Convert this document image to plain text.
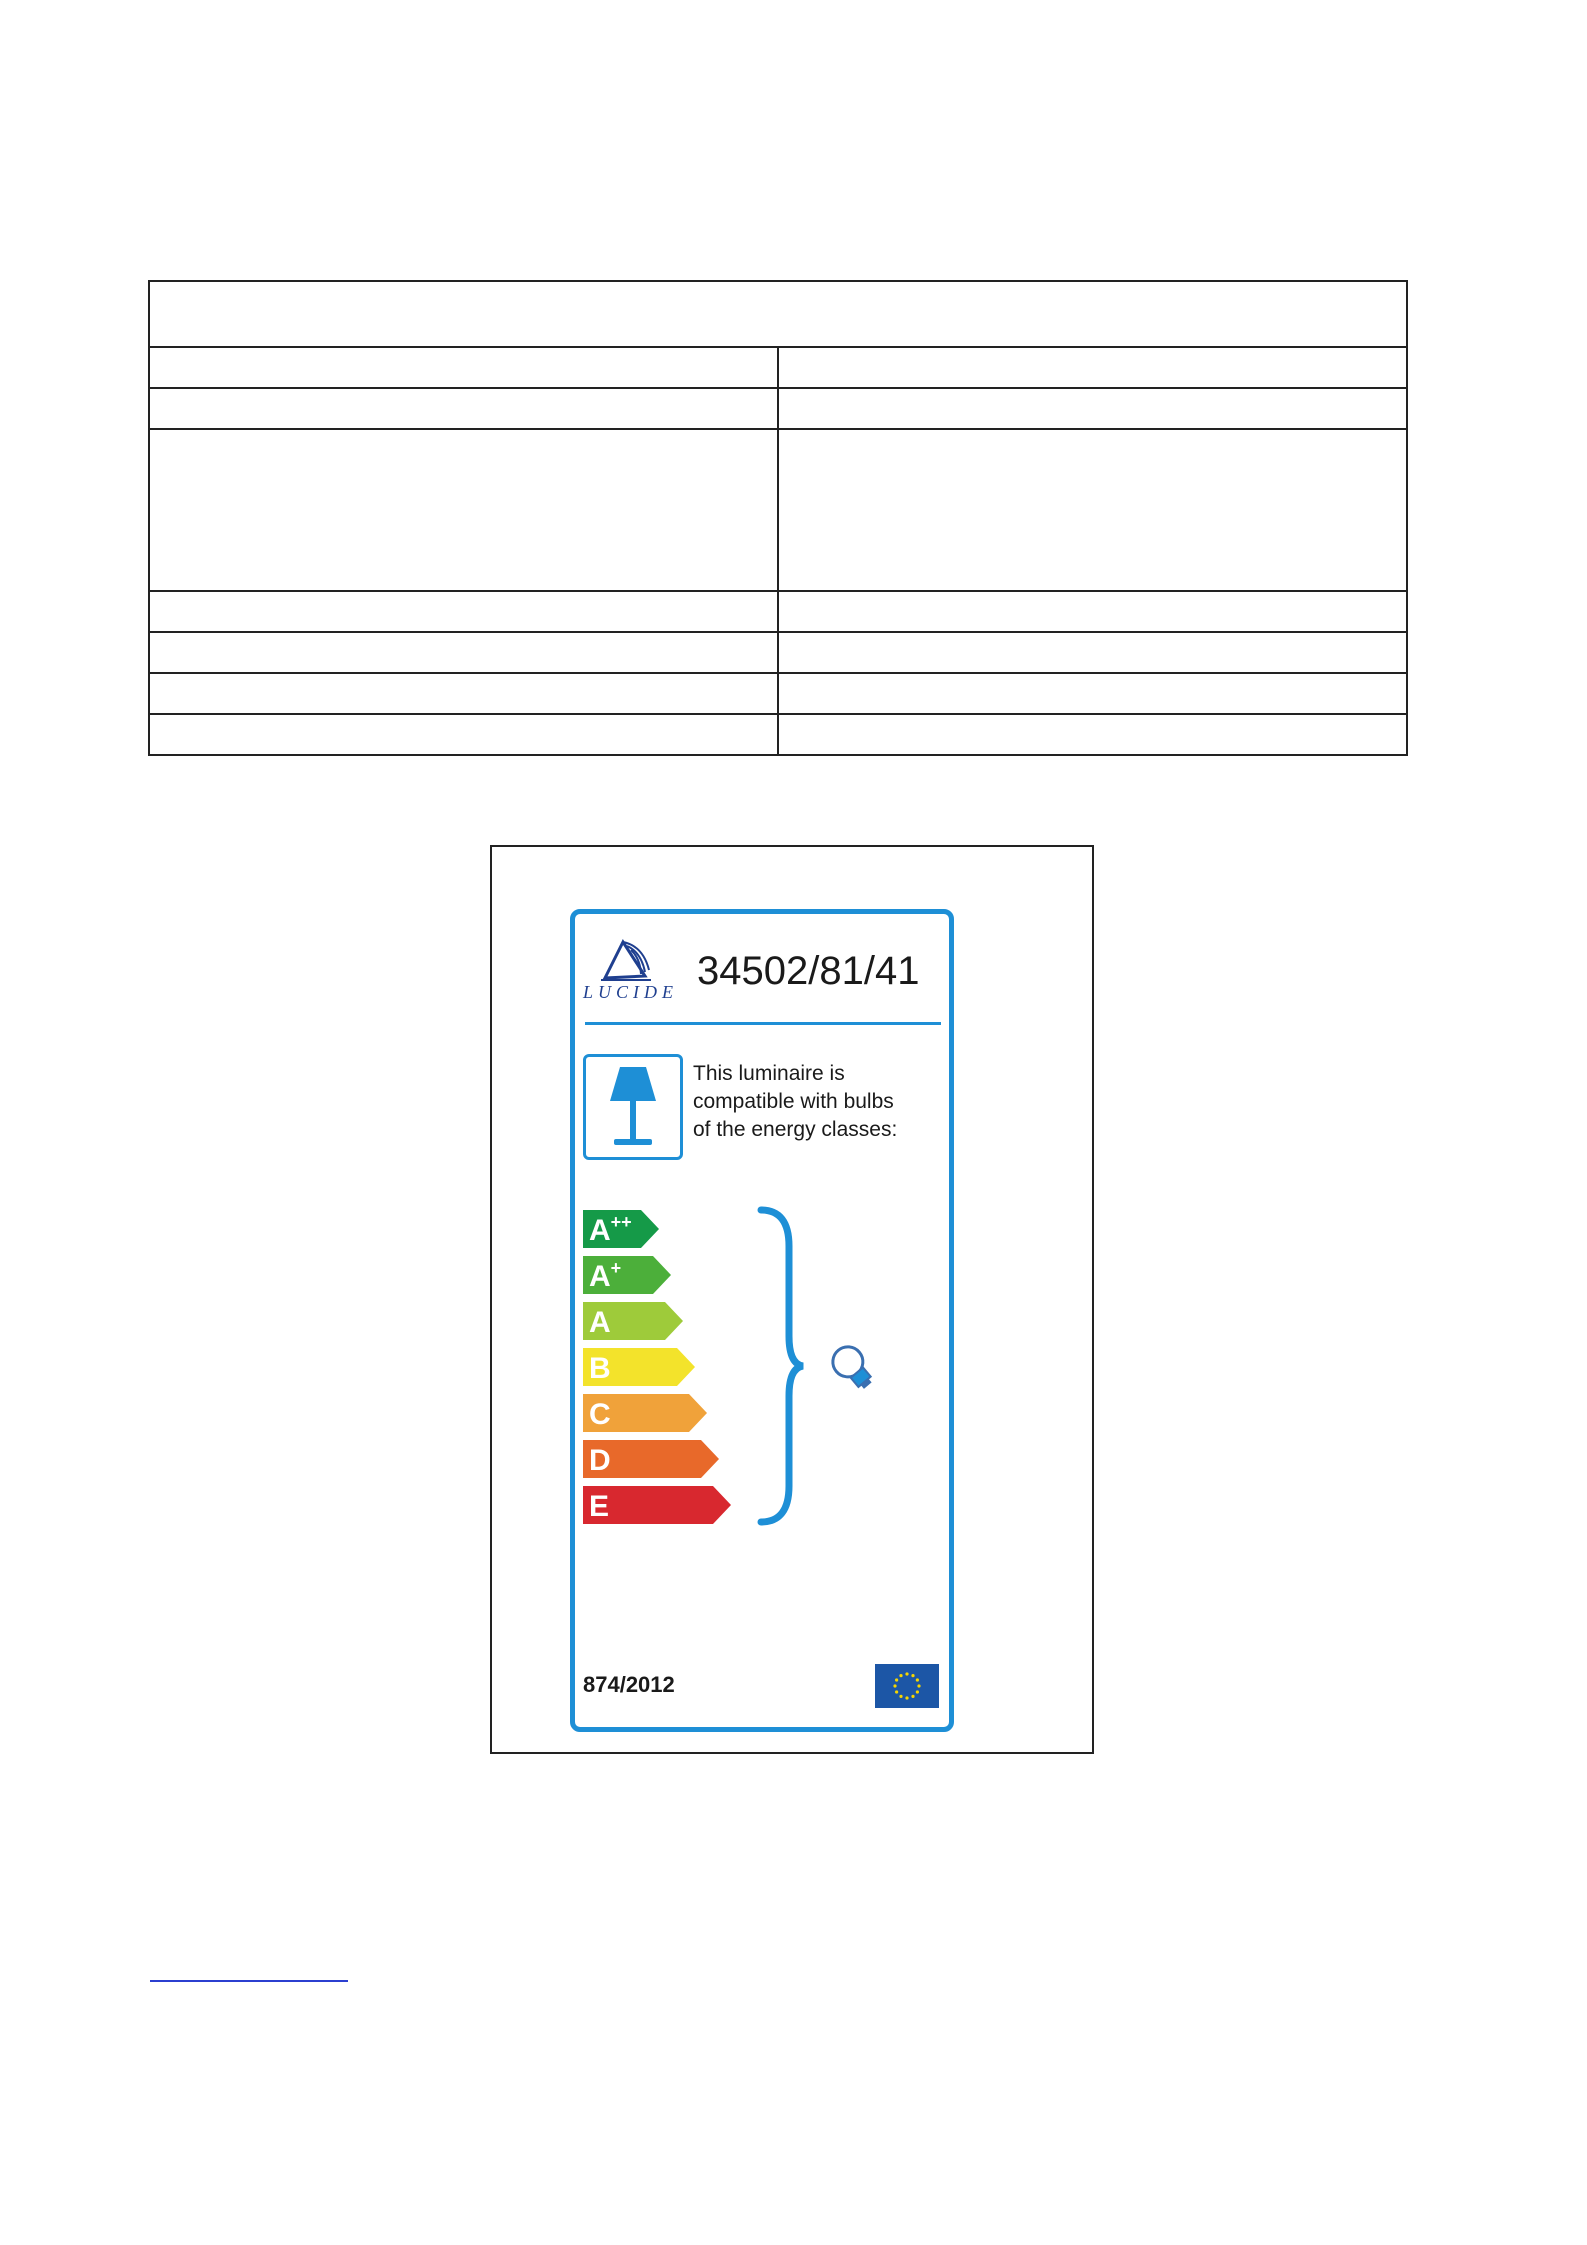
LUCIDE 34502/81/41
This luminaire is
compatible with bulbs
of the energy classes:
A++
A+
A
B
C
D
E
874/2012
